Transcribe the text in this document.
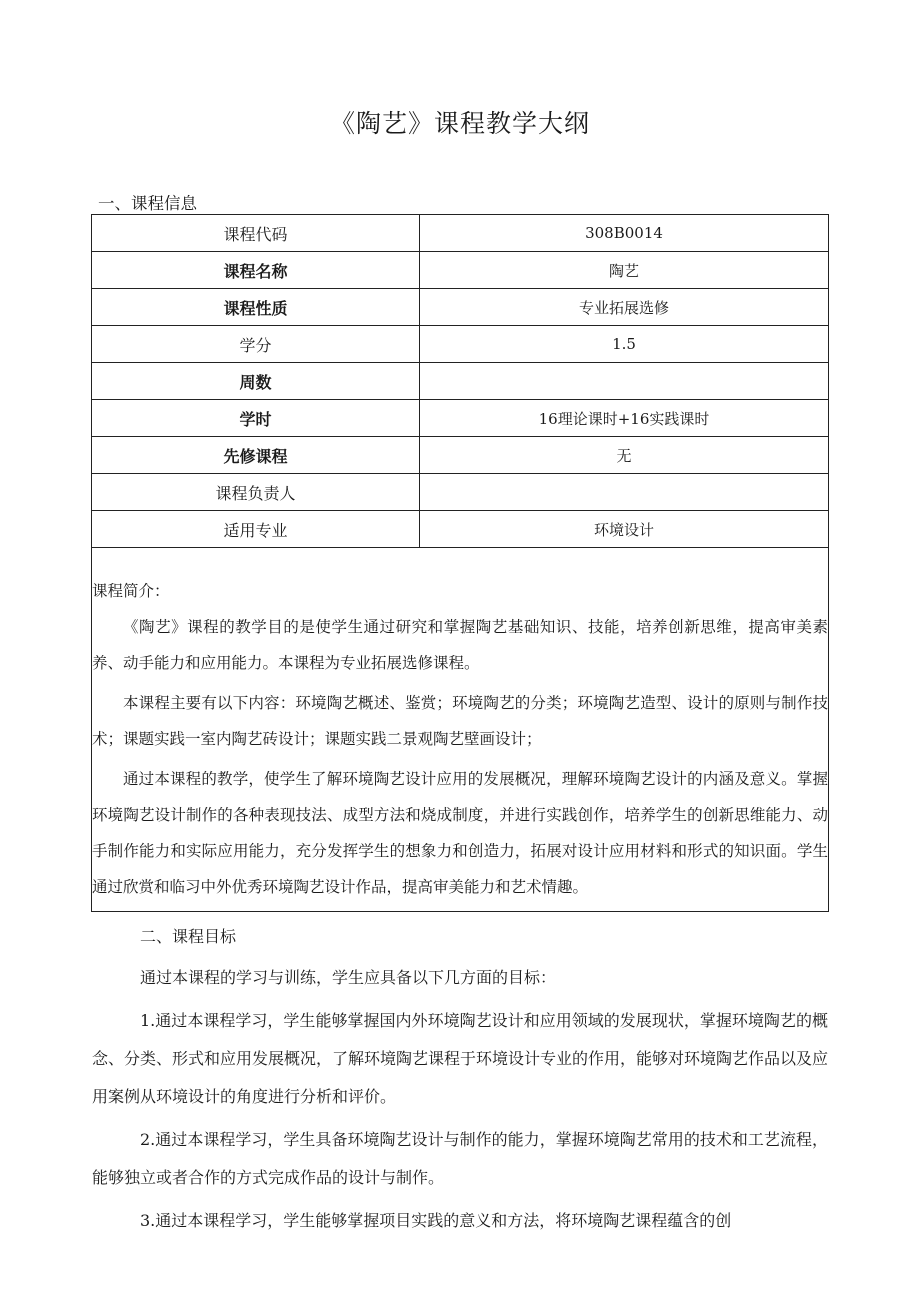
《陶艺》课程教学大纲
一、课程信息
课程代码	308B0014
课程名称	陶艺
课程性质	专业拓展选修
学分	1.5
周数	
学时	16理论课时+16实践课时
先修课程	无
课程负责人	
适用专业	环境设计

课程简介：

《陶艺》课程的教学目的是使学生通过研究和掌握陶艺基础知识、技能，培养创新思维，提高审美素养、动手能力和应用能力。本课程为专业拓展选修课程。

本课程主要有以下内容：环境陶艺概述、鉴赏；环境陶艺的分类；环境陶艺造型、设计的原则与制作技术；课题实践一室内陶艺砖设计；课题实践二景观陶艺壁画设计；

通过本课程的教学，使学生了解环境陶艺设计应用的发展概况，理解环境陶艺设计的内涵及意义。掌握环境陶艺设计制作的各种表现技法、成型方法和烧成制度，并进行实践创作，培养学生的创新思维能力、动手制作能力和实际应用能力，充分发挥学生的想象力和创造力，拓展对设计应用材料和形式的知识面。学生通过欣赏和临习中外优秀环境陶艺设计作品，提高审美能力和艺术情趣。	

二、课程目标

通过本课程的学习与训练，学生应具备以下几方面的目标：

1.通过本课程学习，学生能够掌握国内外环境陶艺设计和应用领域的发展现状，掌握环境陶艺的概念、分类、形式和应用发展概况，了解环境陶艺课程于环境设计专业的作用，能够对环境陶艺作品以及应用案例从环境设计的角度进行分析和评价。

2.通过本课程学习，学生具备环境陶艺设计与制作的能力，掌握环境陶艺常用的技术和工艺流程，能够独立或者合作的方式完成作品的设计与制作。

3.通过本课程学习，学生能够掌握项目实践的意义和方法，将环境陶艺课程蕴含的创
